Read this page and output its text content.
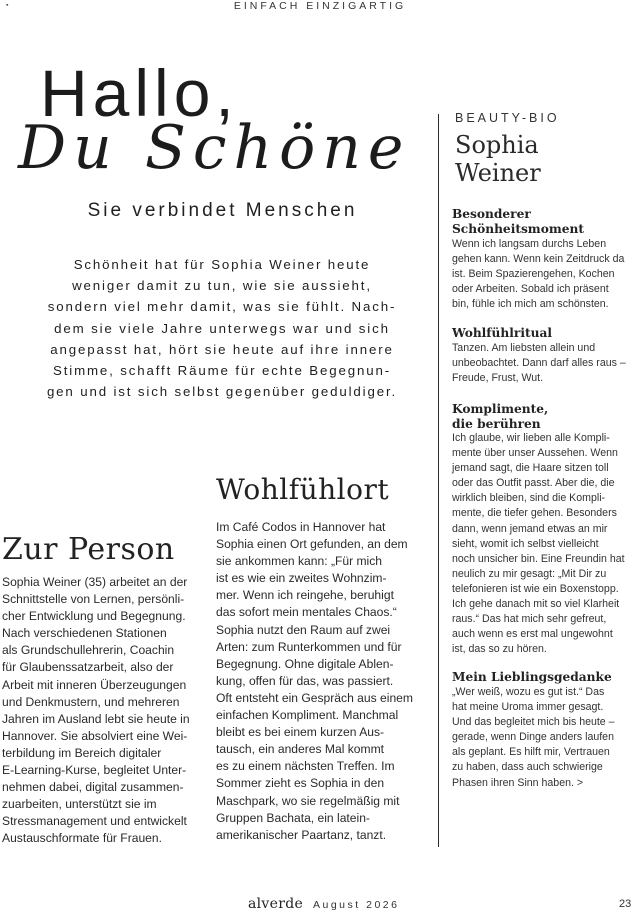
▪	EINFACH EINZIGARTIG
Hallo,
Du Schöne
Sie verbindet Menschen
Schönheit hat für Sophia Weiner heute
weniger damit zu tun, wie sie aussieht,
sondern viel mehr damit, was sie fühlt. Nach-
dem sie viele Jahre unterwegs war und sich
angepasst hat, hört sie heute auf ihre innere
Stimme, schafft Räume für echte Begegnun-
gen und ist sich selbst gegenüber geduldiger.
Wohlfühlort
Im Café Codos in Hannover hat
Sophia einen Ort gefunden, an dem
sie ankommen kann: „Für mich
ist es wie ein zweites Wohnzim-
mer. Wenn ich reingehe, beruhigt
das sofort mein mentales Chaos.“
Sophia nutzt den Raum auf zwei
Arten: zum Runterkommen und für
Begegnung. Ohne digitale Ablen-
kung, offen für das, was passiert.
Oft entsteht ein Gespräch aus einem
einfachen Kompliment. Manchmal
bleibt es bei einem kurzen Aus-
tausch, ein anderes Mal kommt
es zu einem nächsten Treffen. Im
Sommer zieht es Sophia in den
Maschpark, wo sie regelmäßig mit
Gruppen Bachata, ein latein-
amerikanischer Paartanz, tanzt.
Zur Person
Sophia Weiner (35) arbeitet an der
Schnittstelle von Lernen, persönli-
cher Entwicklung und Begegnung.
Nach verschiedenen Stationen
als Grundschullehrerin, Coachin
für Glaubenssatzarbeit, also der
Arbeit mit inneren Überzeugungen
und Denkmustern, und mehreren
Jahren im Ausland lebt sie heute in
Hannover. Sie absolviert eine Wei-
terbildung im Bereich digitaler
E-Learning-Kurse, begleitet Unter-
nehmen dabei, digital zusammen-
zuarbeiten, unterstützt sie im
Stressmanagement und entwickelt
Austauschformate für Frauen.
BEAUTY-BIO
Sophia
Weiner
Besonderer
Schönheitsmoment
Wenn ich langsam durchs Leben
gehen kann. Wenn kein Zeitdruck da
ist. Beim Spazierengehen, Kochen
oder Arbeiten. Sobald ich präsent
bin, fühle ich mich am schönsten.
Wohlfühlritual
Tanzen. Am liebsten allein und
unbeobachtet. Dann darf alles raus –
Freude, Frust, Wut.
Komplimente,
die berühren
Ich glaube, wir lieben alle Kompli-
mente über unser Aussehen. Wenn
jemand sagt, die Haare sitzen toll
oder das Outfit passt. Aber die, die
wirklich bleiben, sind die Kompli-
mente, die tiefer gehen. Besonders
dann, wenn jemand etwas an mir
sieht, womit ich selbst vielleicht
noch unsicher bin. Eine Freundin hat
neulich zu mir gesagt: „Mit Dir zu
telefonieren ist wie ein Boxenstopp.
Ich gehe danach mit so viel Klarheit
raus.“ Das hat mich sehr gefreut,
auch wenn es erst mal ungewohnt
ist, das so zu hören.
Mein Lieblingsgedanke
„Wer weiß, wozu es gut ist.“ Das
hat meine Uroma immer gesagt.
Und das begleitet mich bis heute –
gerade, wenn Dinge anders laufen
als geplant. Es hilft mir, Vertrauen
zu haben, dass auch schwierige
Phasen ihren Sinn haben. >
alverde August 2026	23
